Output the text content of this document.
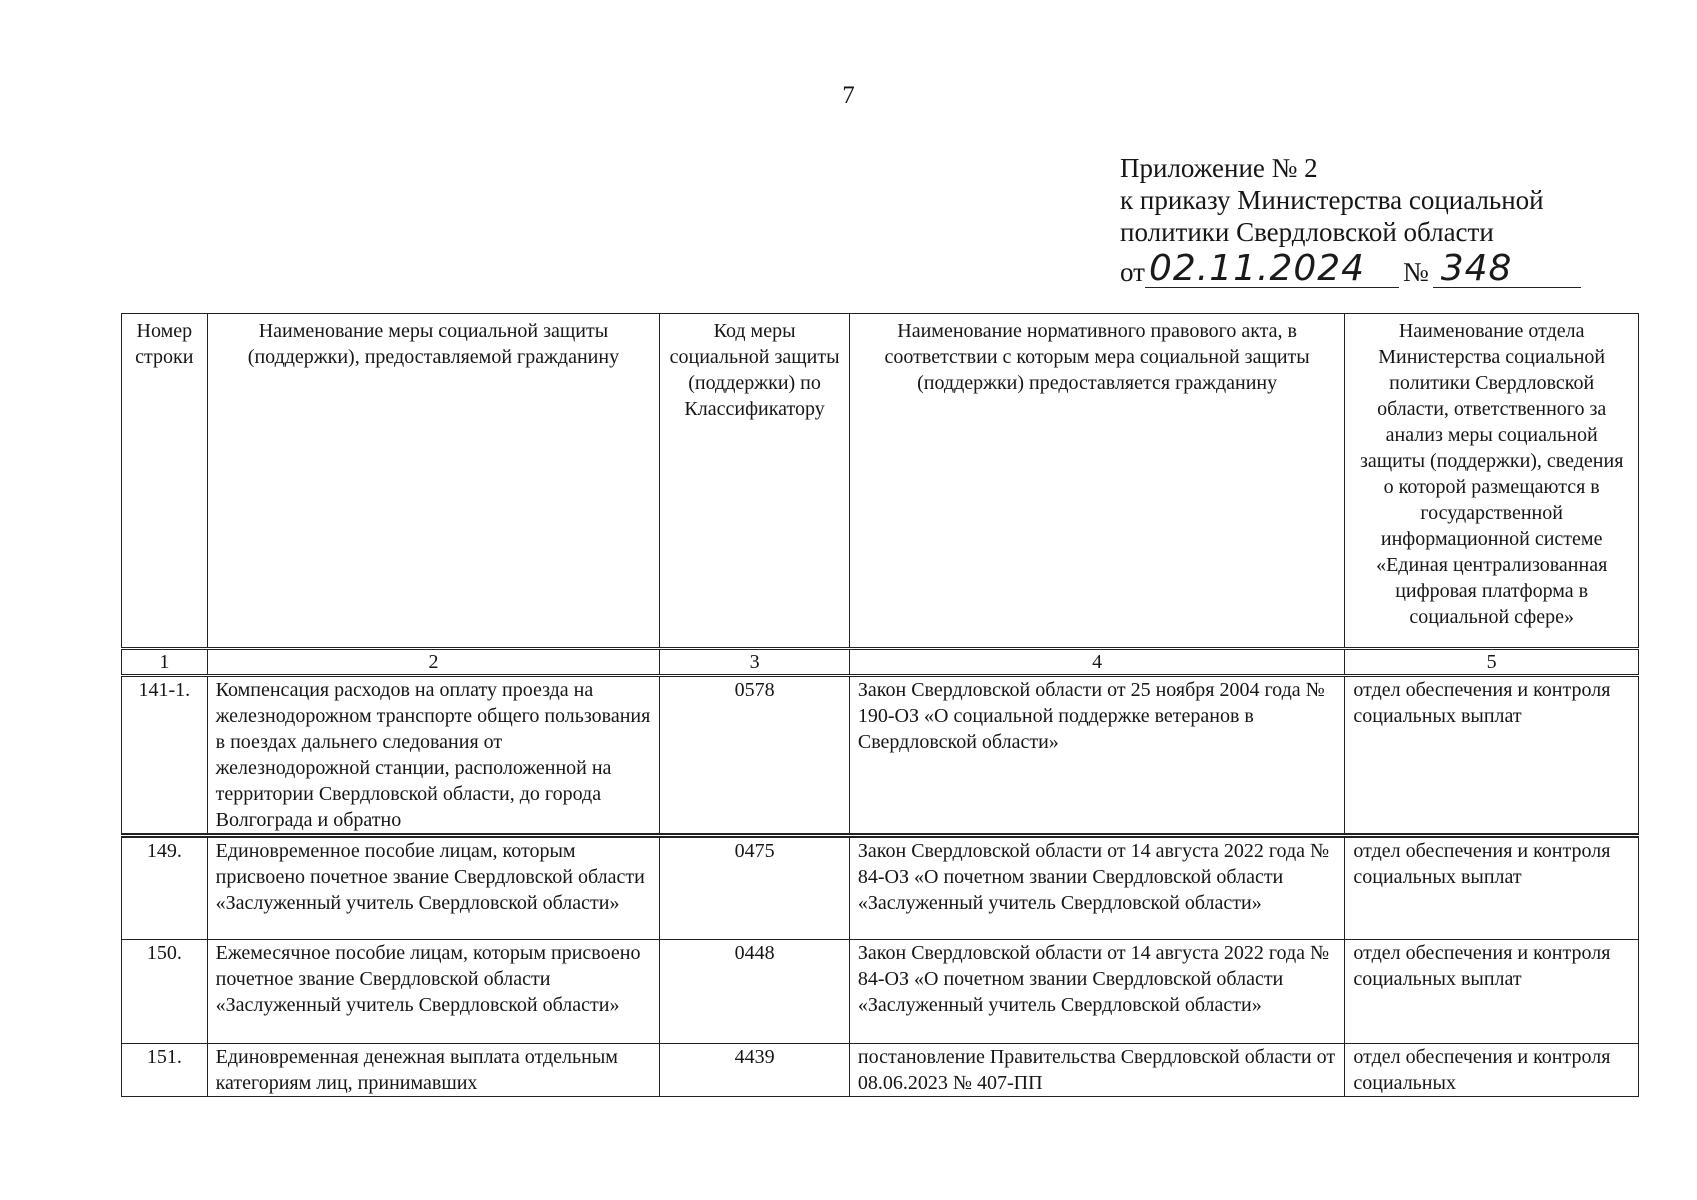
7
Приложение № 2
к приказу Министерства социальной
политики Свердловской области
от 02.11.2024	№ 348
Номер строки	Наименование меры социальной защиты (поддержки), предоставляемой гражданину	Код меры социальной защиты (поддержки) по Классификатору	Наименование нормативного правового акта, в соответствии с которым мера социальной защиты (поддержки) предоставляется гражданину	Наименование отдела Министерства социальной политики Свердловской области, ответственного за анализ меры социальной защиты (поддержки), сведения о которой размещаются в государственной информационной системе «Единая централизованная цифровая платформа в социальной сфере»
1	2	3	4	5
141-1.	Компенсация расходов на оплату проезда на железнодорожном транспорте общего пользования в поездах дальнего следования от железнодорожной станции, расположенной на территории Свердловской области, до города Волгограда и обратно	0578	Закон Свердловской области от 25 ноября 2004 года № 190-ОЗ «О социальной поддержке ветеранов в Свердловской области»	отдел обеспечения и контроля социальных выплат
149.	Единовременное пособие лицам, которым присвоено почетное звание Свердловской области «Заслуженный учитель Свердловской области»	0475	Закон Свердловской области от 14 августа 2022 года № 84-ОЗ «О почетном звании Свердловской области «Заслуженный учитель Свердловской области»	отдел обеспечения и контроля социальных выплат
150.	Ежемесячное пособие лицам, которым присвоено почетное звание Свердловской области «Заслуженный учитель Свердловской области»	0448	Закон Свердловской области от 14 августа 2022 года № 84-ОЗ «О почетном звании Свердловской области «Заслуженный учитель Свердловской области»	отдел обеспечения и контроля социальных выплат
151.	Единовременная денежная выплата отдельным категориям лиц, принимавших	4439	постановление Правительства Свердловской области от 08.06.2023 № 407-ПП	отдел обеспечения и контроля социальных
